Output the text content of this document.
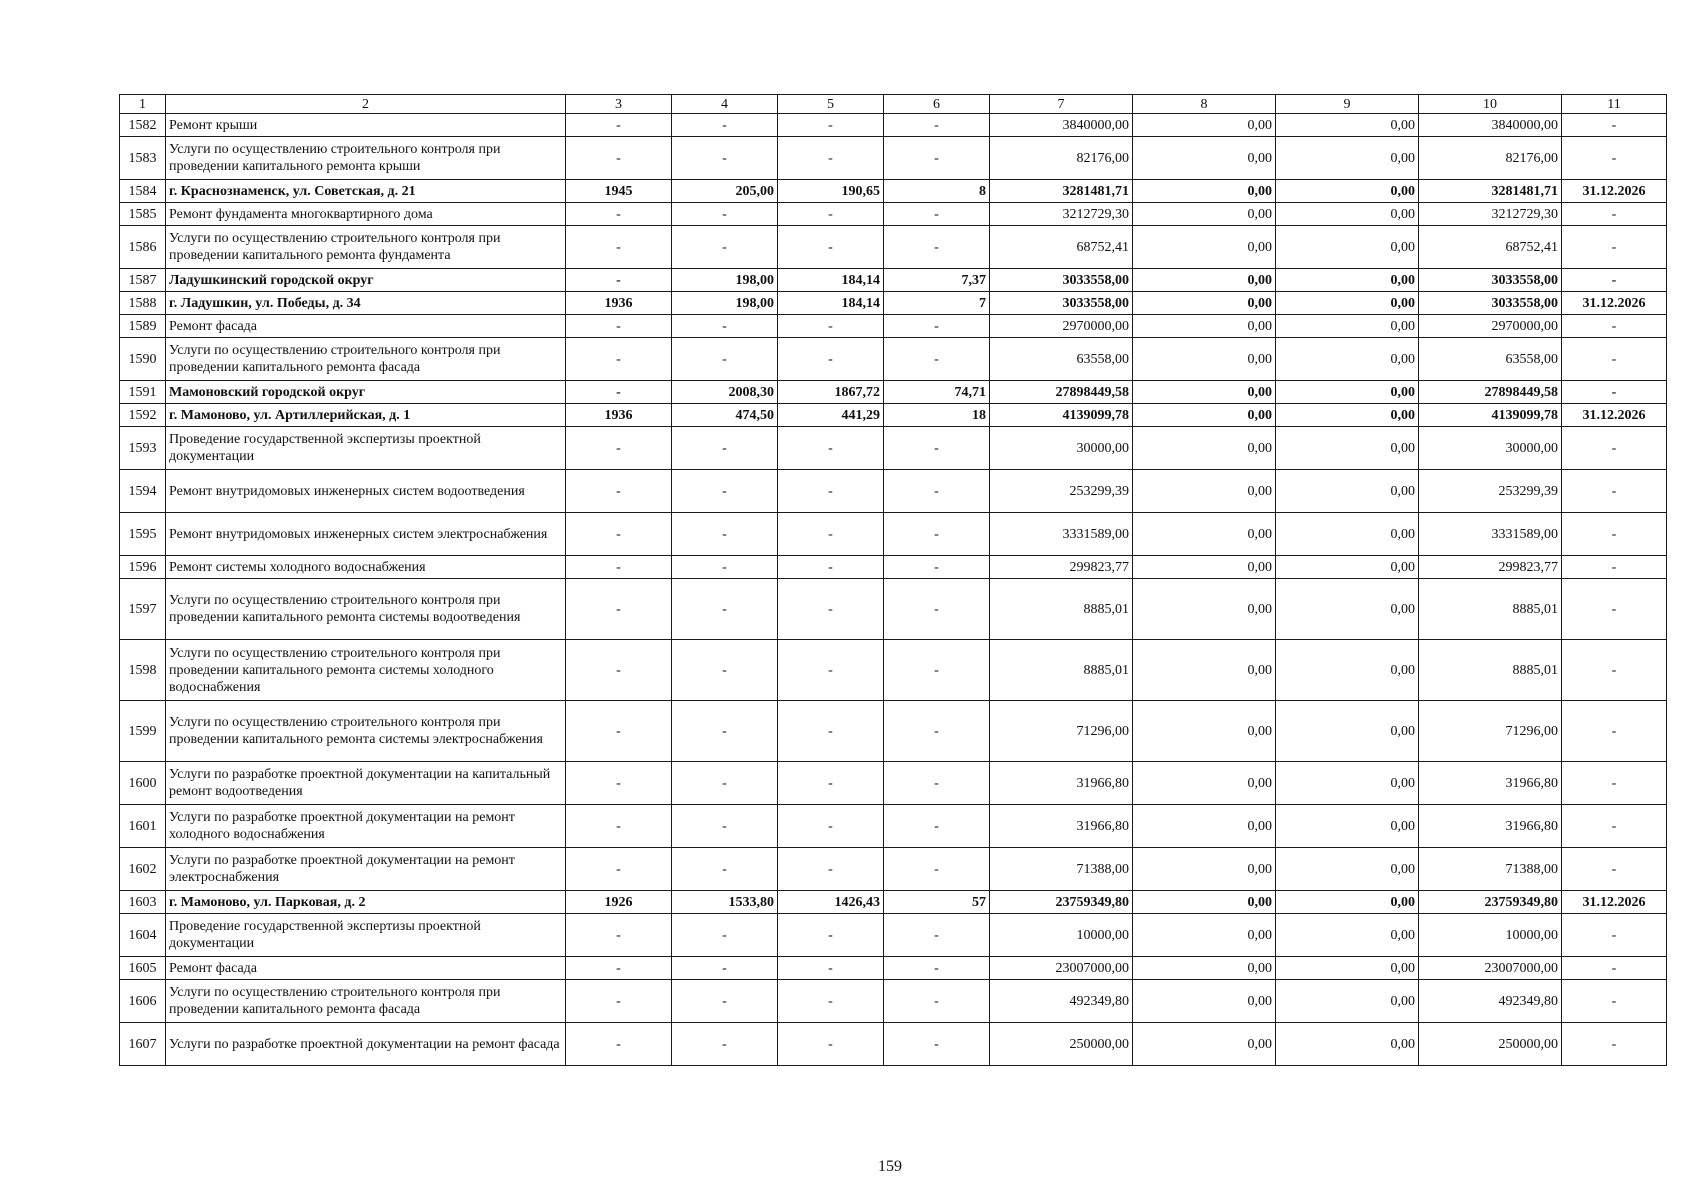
1	2	3	4	5	6	7	8	9	10	11
1582	Ремонт крыши	-	-	-	-	3840000,00	0,00	0,00	3840000,00	-
1583	Услуги по осуществлению строительного контроля при проведении капитального ремонта крыши	-	-	-	-	82176,00	0,00	0,00	82176,00	-
1584	г. Краснознаменск, ул. Советская, д. 21	1945	205,00	190,65	8	3281481,71	0,00	0,00	3281481,71	31.12.2026
1585	Ремонт фундамента многоквартирного дома	-	-	-	-	3212729,30	0,00	0,00	3212729,30	-
1586	Услуги по осуществлению строительного контроля при проведении капитального ремонта фундамента	-	-	-	-	68752,41	0,00	0,00	68752,41	-
1587	Ладушкинский городской округ	-	198,00	184,14	7,37	3033558,00	0,00	0,00	3033558,00	-
1588	г. Ладушкин, ул. Победы, д. 34	1936	198,00	184,14	7	3033558,00	0,00	0,00	3033558,00	31.12.2026
1589	Ремонт фасада	-	-	-	-	2970000,00	0,00	0,00	2970000,00	-
1590	Услуги по осуществлению строительного контроля при проведении капитального ремонта фасада	-	-	-	-	63558,00	0,00	0,00	63558,00	-
1591	Мамоновский городской округ	-	2008,30	1867,72	74,71	27898449,58	0,00	0,00	27898449,58	-
1592	г. Мамоново, ул. Артиллерийская, д. 1	1936	474,50	441,29	18	4139099,78	0,00	0,00	4139099,78	31.12.2026
1593	Проведение государственной экспертизы проектной документации	-	-	-	-	30000,00	0,00	0,00	30000,00	-
1594	Ремонт внутридомовых инженерных систем водоотведения	-	-	-	-	253299,39	0,00	0,00	253299,39	-
1595	Ремонт внутридомовых инженерных систем электроснабжения	-	-	-	-	3331589,00	0,00	0,00	3331589,00	-
1596	Ремонт системы холодного водоснабжения	-	-	-	-	299823,77	0,00	0,00	299823,77	-
1597	Услуги по осуществлению строительного контроля при проведении капитального ремонта системы водоотведения	-	-	-	-	8885,01	0,00	0,00	8885,01	-
1598	Услуги по осуществлению строительного контроля при проведении капитального ремонта системы холодного водоснабжения	-	-	-	-	8885,01	0,00	0,00	8885,01	-
1599	Услуги по осуществлению строительного контроля при проведении капитального ремонта системы электроснабжения	-	-	-	-	71296,00	0,00	0,00	71296,00	-
1600	Услуги по разработке проектной документации на капитальный ремонт водоотведения	-	-	-	-	31966,80	0,00	0,00	31966,80	-
1601	Услуги по разработке проектной документации на ремонт холодного водоснабжения	-	-	-	-	31966,80	0,00	0,00	31966,80	-
1602	Услуги по разработке проектной документации на ремонт электроснабжения	-	-	-	-	71388,00	0,00	0,00	71388,00	-
1603	г. Мамоново, ул. Парковая, д. 2	1926	1533,80	1426,43	57	23759349,80	0,00	0,00	23759349,80	31.12.2026
1604	Проведение государственной экспертизы проектной документации	-	-	-	-	10000,00	0,00	0,00	10000,00	-
1605	Ремонт фасада	-	-	-	-	23007000,00	0,00	0,00	23007000,00	-
1606	Услуги по осуществлению строительного контроля при проведении капитального ремонта фасада	-	-	-	-	492349,80	0,00	0,00	492349,80	-
1607	Услуги по разработке проектной документации на ремонт фасада	-	-	-	-	250000,00	0,00	0,00	250000,00	-
159
